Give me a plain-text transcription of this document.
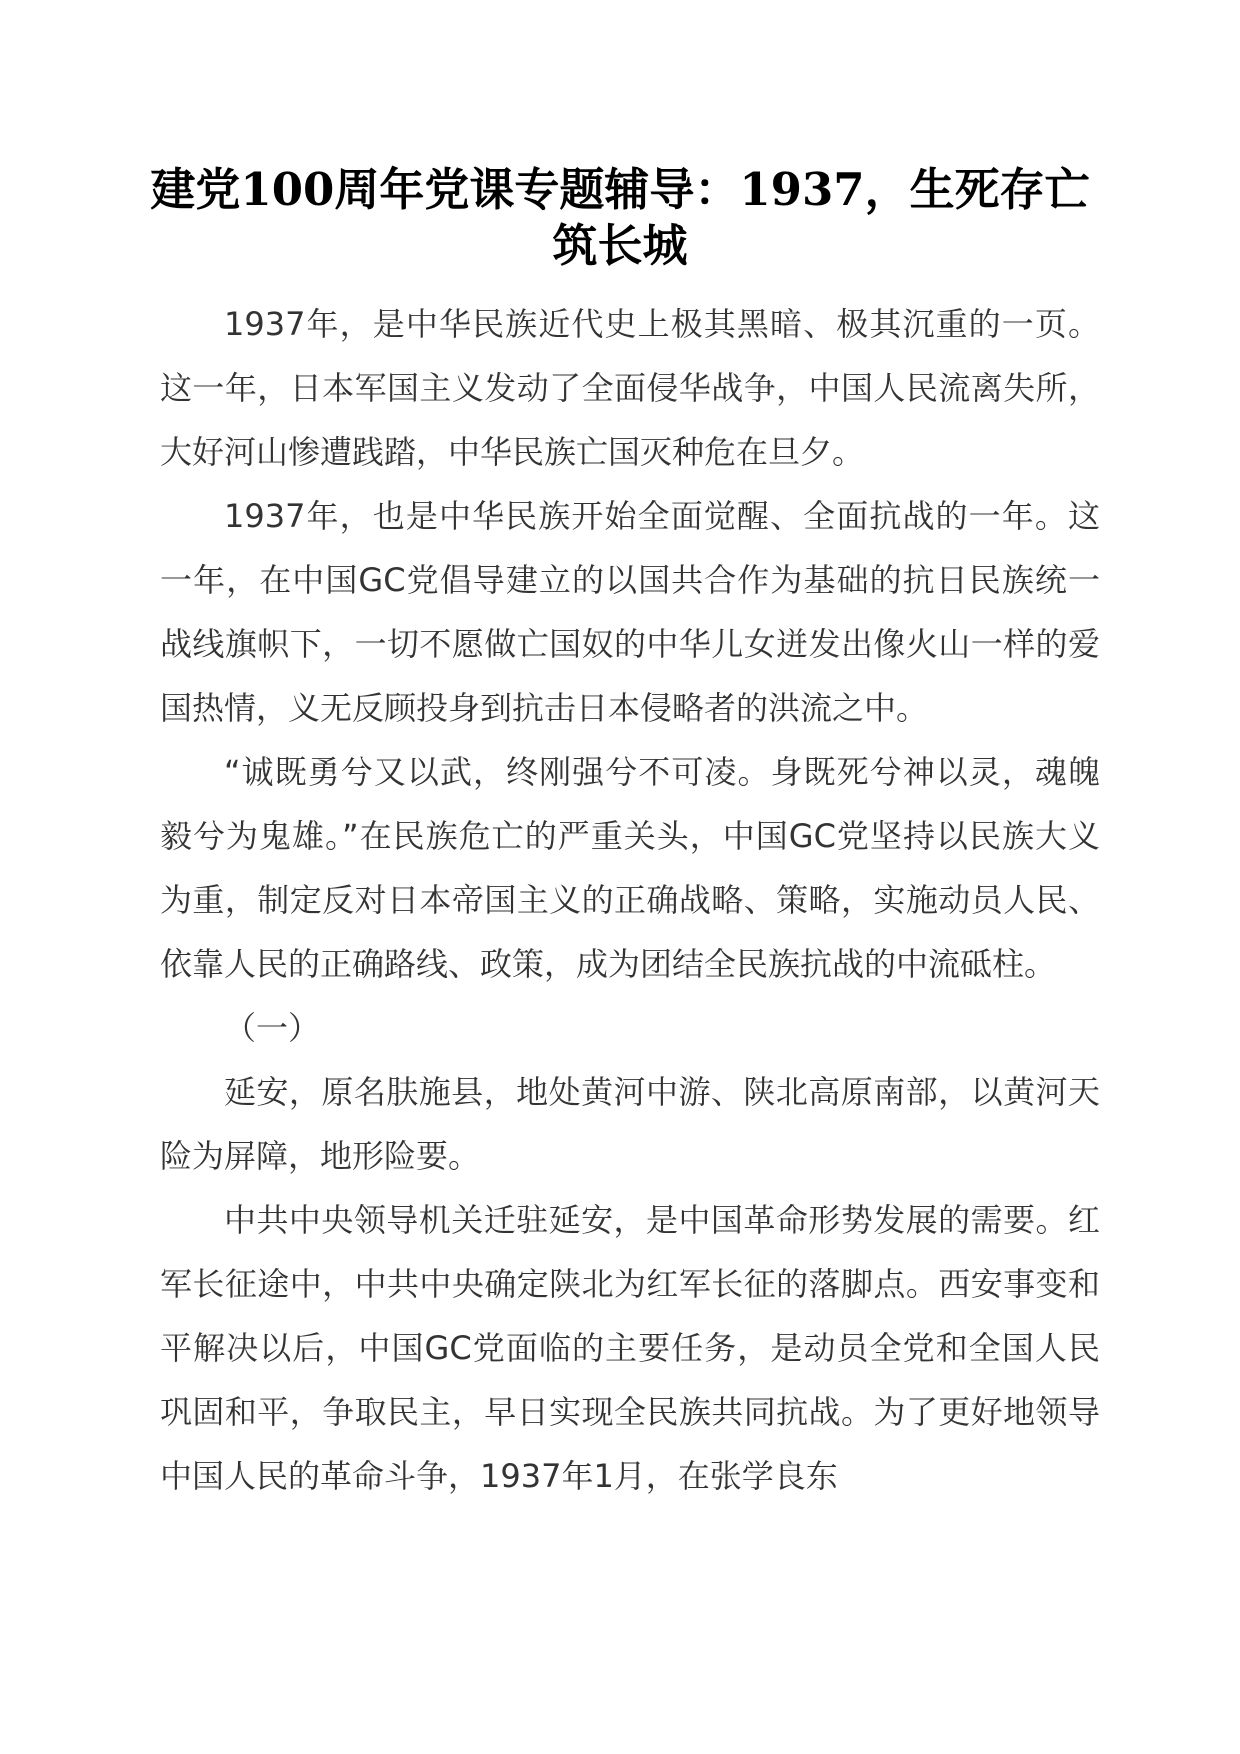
建党100周年党课专题辅导：1937，生死存亡筑长城

1937年，是中华民族近代史上极其黑暗、极其沉重的一页。这一年，日本军国主义发动了全面侵华战争，中国人民流离失所，大好河山惨遭践踏，中华民族亡国灭种危在旦夕。

1937年，也是中华民族开始全面觉醒、全面抗战的一年。这一年，在中国GC党倡导建立的以国共合作为基础的抗日民族统一战线旗帜下，一切不愿做亡国奴的中华儿女迸发出像火山一样的爱国热情，义无反顾投身到抗击日本侵略者的洪流之中。

“诚既勇兮又以武，终刚强兮不可凌。身既死兮神以灵，魂魄毅兮为鬼雄。”在民族危亡的严重关头，中国GC党坚持以民族大义为重，制定反对日本帝国主义的正确战略、策略，实施动员人民、依靠人民的正确路线、政策，成为团结全民族抗战的中流砥柱。

（一）

延安，原名肤施县，地处黄河中游、陕北高原南部，以黄河天险为屏障，地形险要。

中共中央领导机关迁驻延安，是中国革命形势发展的需要。红军长征途中，中共中央确定陕北为红军长征的落脚点。西安事变和平解决以后，中国GC党面临的主要任务，是动员全党和全国人民巩固和平，争取民主，早日实现全民族共同抗战。为了更好地领导中国人民的革命斗争，1937年1月，在张学良东
